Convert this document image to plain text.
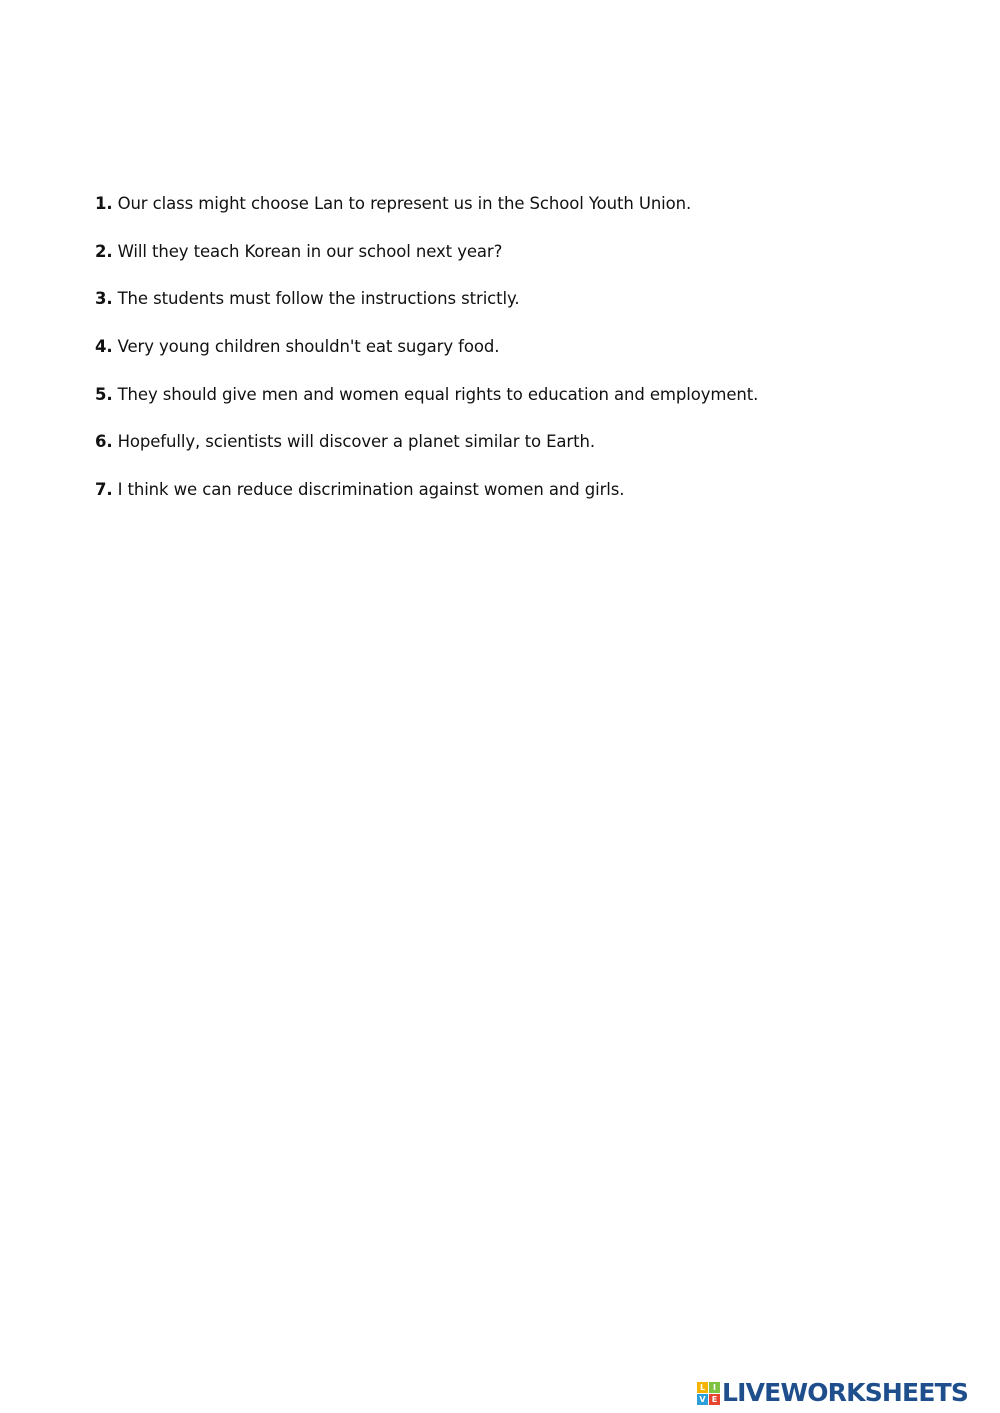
1. Our class might choose Lan to represent us in the School Youth Union.
2. Will they teach Korean in our school next year?
3. The students must follow the instructions strictly.
4. Very young children shouldn't eat sugary food.
5. They should give men and women equal rights to education and employment.
6. Hopefully, scientists will discover a planet similar to Earth.
7. I think we can reduce discrimination against women and girls.
L I
V E LIVEWORKSHEETS
